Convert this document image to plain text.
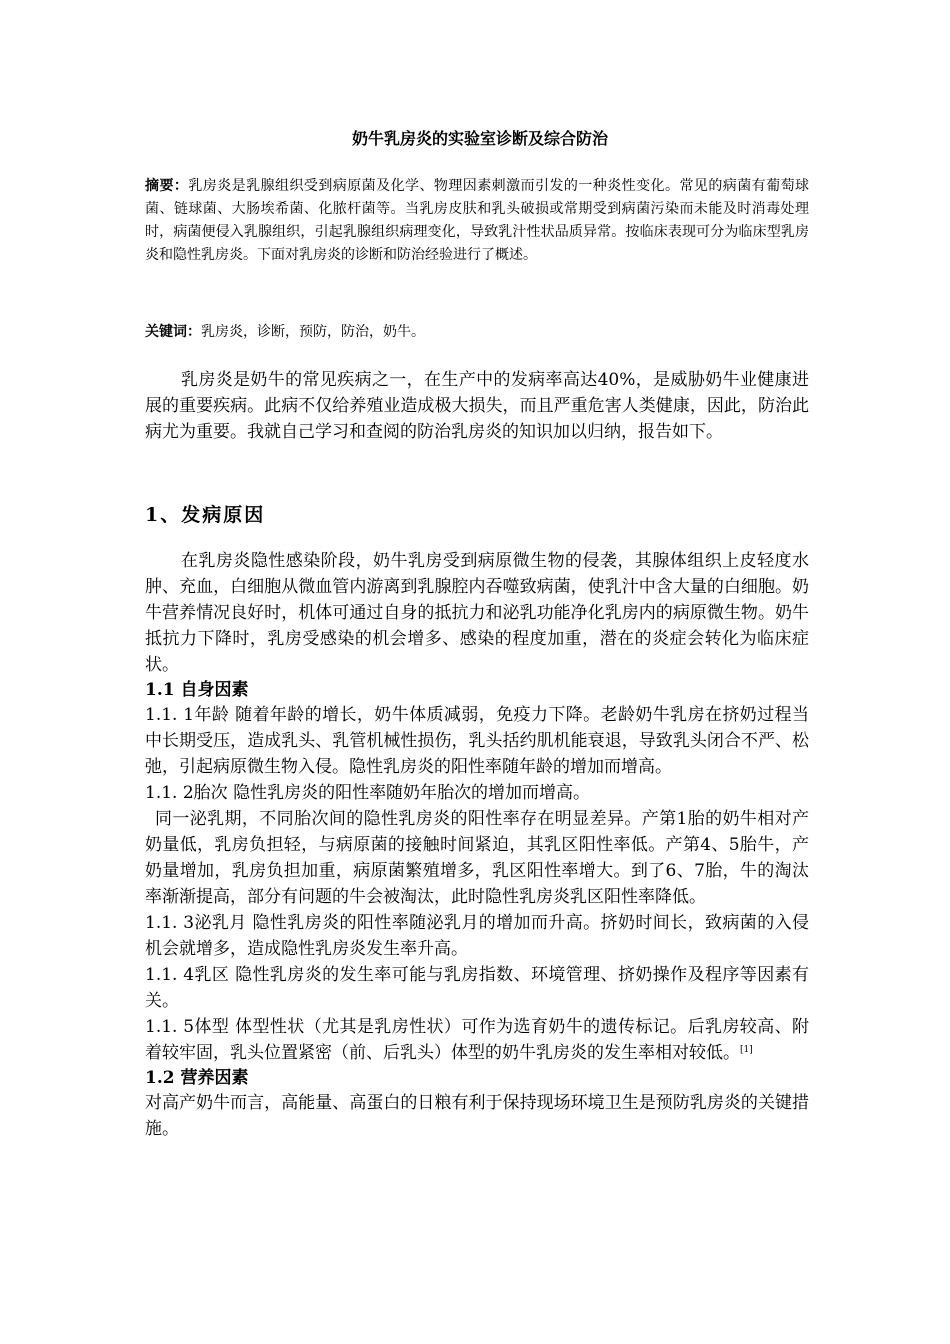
奶牛乳房炎的实验室诊断及综合防治
摘要：乳房炎是乳腺组织受到病原菌及化学、物理因素刺激而引发的一种炎性变化。常见的病菌有葡萄球菌、链球菌、大肠埃希菌、化脓杆菌等。当乳房皮肤和乳头破损或常期受到病菌污染而未能及时消毒处理时，病菌便侵入乳腺组织，引起乳腺组织病理变化，导致乳汁性状品质异常。按临床表现可分为临床型乳房炎和隐性乳房炎。下面对乳房炎的诊断和防治经验进行了概述。
关键词：乳房炎，诊断，预防，防治，奶牛。
乳房炎是奶牛的常见疾病之一，在生产中的发病率高达40%，是威胁奶牛业健康进展的重要疾病。此病不仅给养殖业造成极大损失，而且严重危害人类健康，因此，防治此病尤为重要。我就自己学习和查阅的防治乳房炎的知识加以归纳，报告如下。
1、发病原因

在乳房炎隐性感染阶段，奶牛乳房受到病原微生物的侵袭，其腺体组织上皮轻度水肿、充血，白细胞从微血管内游离到乳腺腔内吞噬致病菌，使乳汁中含大量的白细胞。奶牛营养情况良好时，机体可通过自身的抵抗力和泌乳功能净化乳房内的病原微生物。奶牛抵抗力下降时，乳房受感染的机会增多、感染的程度加重，潜在的炎症会转化为临床症状。

1.1 自身因素

1.1. 1年龄 随着年龄的增长，奶牛体质减弱，免疫力下降。老龄奶牛乳房在挤奶过程当中长期受压，造成乳头、乳管机械性损伤，乳头括约肌机能衰退，导致乳头闭合不严、松弛，引起病原微生物入侵。隐性乳房炎的阳性率随年龄的增加而增高。

1.1. 2胎次 隐性乳房炎的阳性率随奶年胎次的增加而增高。

同一泌乳期，不同胎次间的隐性乳房炎的阳性率存在明显差异。产第1胎的奶牛相对产奶量低，乳房负担轻，与病原菌的接触时间紧迫，其乳区阳性率低。产第4、5胎牛，产奶量增加，乳房负担加重，病原菌繁殖增多，乳区阳性率增大。到了6、7胎，牛的淘汰率渐渐提高，部分有问题的牛会被淘汰，此时隐性乳房炎乳区阳性率降低。

1.1. 3泌乳月 隐性乳房炎的阳性率随泌乳月的增加而升高。挤奶时间长，致病菌的入侵机会就增多，造成隐性乳房炎发生率升高。

1.1. 4乳区 隐性乳房炎的发生率可能与乳房指数、环境管理、挤奶操作及程序等因素有关。

1.1. 5体型 体型性状（尤其是乳房性状）可作为选育奶牛的遗传标记。后乳房较高、附着较牢固，乳头位置紧密（前、后乳头）体型的奶牛乳房炎的发生率相对较低。[1]

1.2 营养因素

对高产奶牛而言，高能量、高蛋白的日粮有利于保持现场环境卫生是预防乳房炎的关键措施。
